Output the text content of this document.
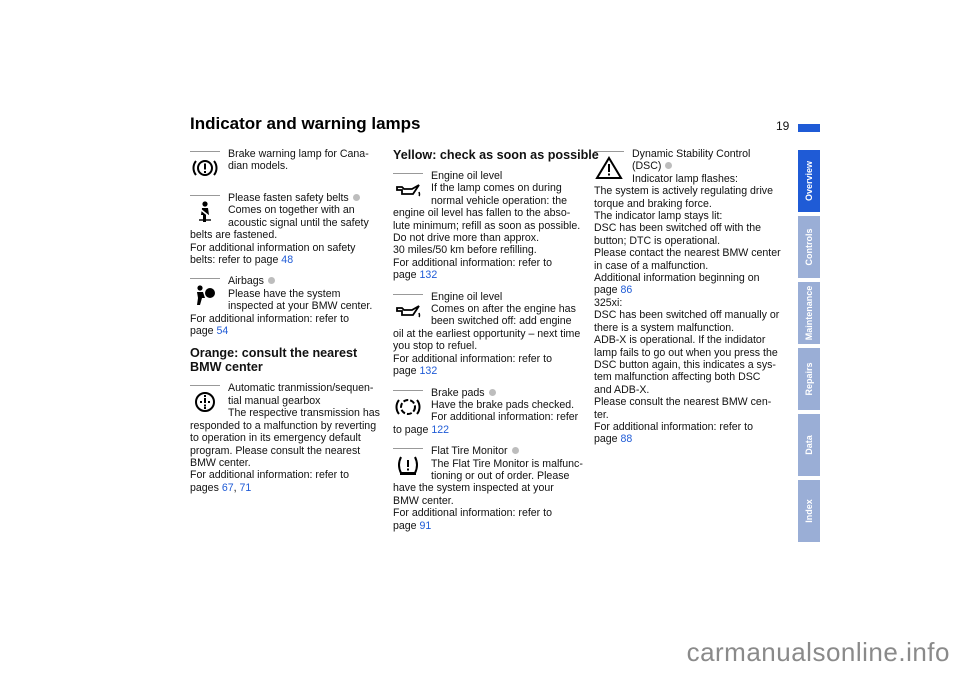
Indicator and warning lamps	19
Brake warning lamp for Cana-
dian models.
Please fasten safety belts
Comes on together with an
acoustic signal until the safety
belts are fastened.
For additional information on safety
belts: refer to page 48
Airbags
Please have the system
inspected at your BMW center.
For additional information: refer to
page 54
Orange: consult the nearest BMW center
Automatic tranmission/sequen-
tial manual gearbox
The respective transmission has
responded to a malfunction by reverting
to operation in its emergency default
program. Please consult the nearest
BMW center.
For additional information: refer to
pages 67, 71
Yellow: check as soon as possible
Engine oil level
If the lamp comes on during
normal vehicle operation: the
engine oil level has fallen to the abso-
lute minimum; refill as soon as possible.
Do not drive more than approx.
30 miles/50 km before refilling.
For additional information: refer to
page 132
Engine oil level
Comes on after the engine has
been switched off: add engine
oil at the earliest opportunity – next time
you stop to refuel.
For additional information: refer to
page 132
Brake pads
Have the brake pads checked.
For additional information: refer
to page 122
Flat Tire Monitor
The Flat Tire Monitor is malfunc-
tioning or out of order. Please
have the system inspected at your
BMW center.
For additional information: refer to
page 91
Dynamic Stability Control
(DSC)
Indicator lamp flashes:
The system is actively regulating drive
torque and braking force.
The indicator lamp stays lit:
DSC has been switched off with the
button; DTC is operational.
Please contact the nearest BMW center
in case of a malfunction.
Additional information beginning on
page 86
325xi:
DSC has been switched off manually or
there is a system malfunction.
ADB-X is operational. If the indidator
lamp fails to go out when you press the
DSC button again, this indicates a sys-
tem malfunction affecting both DSC
and ADB-X.
Please consult the nearest BMW cen-
ter.
For additional information: refer to
page 88
Overview
Controls
Maintenance
Repairs
Data
Index
carmanualsonline.info
